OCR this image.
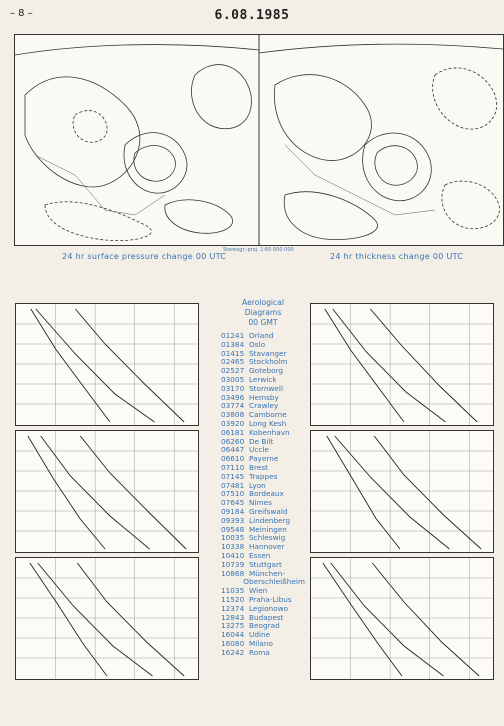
– 8 –	6.08.1985
24 hr surface pressure change 00 UTC
Stereogr.-proj. 1:60 000 000
24 hr thickness change 00 UTC
Aerological
Diagrams
00 GMT
01241 Orland
01384 Oslo
01415 Stavanger
02465 Stockholm
02527 Goteborg
03005 Lerwick
03170 Stornwell
03496 Hemsby
03774 Crawley
03808 Camborne
03920 Long Kesh
06181 Kobenhavn
06260 De Bilt
06447 Uccle
06610 Payerne
07110 Brest
07145 Trappes
07481 Lyon
07510 Bordeaux
07645 Nimes
09184 Greifswald
09393 Lindenberg
09548 Meiningen
10035 Schleswig
10338 Hannover
10410 Essen
10739 Stuttgart
10868 München-
Oberschleißheim
11035 Wien
11520 Praha-Libus
12374 Legionowo
12843 Budapest
13275 Beograd
16044 Udine
16080 Milano
16242 Roma
